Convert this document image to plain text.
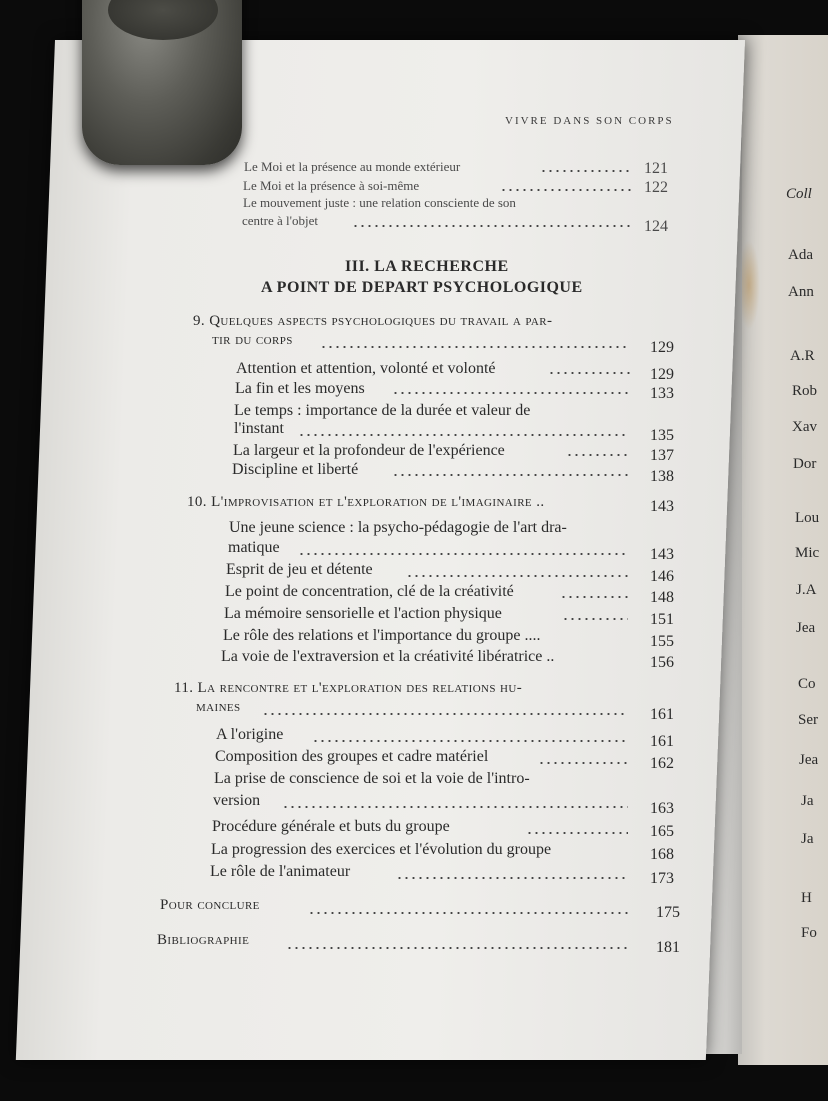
VIVRE DANS SON CORPS
Le Moi et la présence au monde extérieur	121
Le Moi et la présence à soi-même	122
Le mouvement juste : une relation consciente de son
centre à l'objet	124
III. LA RECHERCHE
A POINT DE DEPART PSYCHOLOGIQUE
9. Quelques aspects psychologiques du travail a par-
tir du corps	129
Attention et attention, volonté et volonté	129
La fin et les moyens	133
Le temps : importance de la durée et valeur de
l'instant	135
La largeur et la profondeur de l'expérience	137
Discipline et liberté	138
10. L'improvisation et l'exploration de l'imaginaire ..	143
Une jeune science : la psycho-pédagogie de l'art dra-
matique	143
Esprit de jeu et détente	146
Le point de concentration, clé de la créativité	148
La mémoire sensorielle et l'action physique	151
Le rôle des relations et l'importance du groupe ....	155
La voie de l'extraversion et la créativité libératrice ..	156
11. La rencontre et l'exploration des relations hu-
maines	161
A l'origine	161
Composition des groupes et cadre matériel	162
La prise de conscience de soi et la voie de l'intro-
version	163
Procédure générale et buts du groupe	165
La progression des exercices et l'évolution du groupe	168
Le rôle de l'animateur	173
Pour conclure	175
Bibliographie	181
Coll
Ada
Ann
A.R
Rob
Xav
Dor
Lou
Mic
J.A
Jea
Co
Ser
Jea
Ja
Ja
H
Fo
